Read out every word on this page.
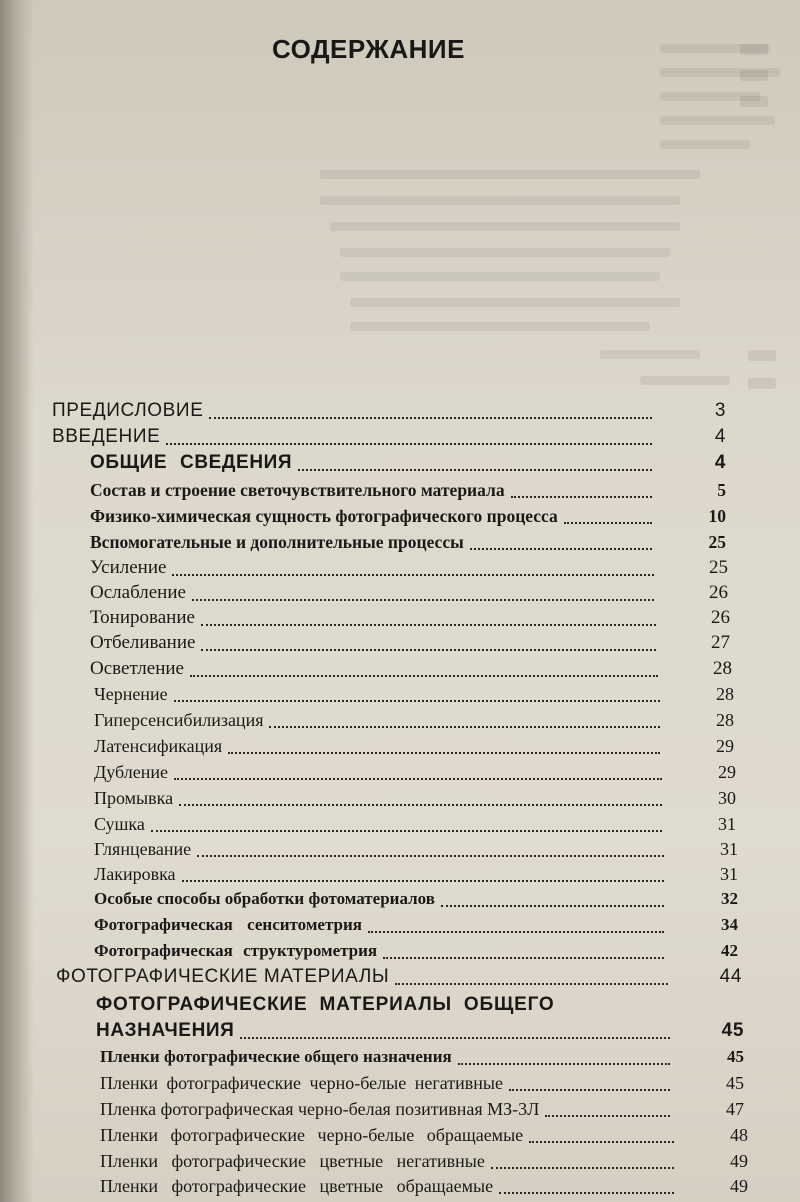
СОДЕРЖАНИЕ
ПРЕДИСЛОВИЕ	3
ВВЕДЕНИЕ	4
ОБЩИЕ СВЕДЕНИЯ	4
Состав и строение светочувствительного материала	5
Физико-химическая сущность фотографического процесса	10
Вспомогательные и дополнительные процессы	25
Усиление	25
Ослабление	26
Тонирование	26
Отбеливание	27
Осветление	28
Чернение	28
Гиперсенсибилизация	28
Латенсификация	29
Дубление	29
Промывка	30
Сушка	31
Глянцевание	31
Лакировка	31
Особые способы обработки фотоматериалов	32
Фотографическая сенситометрия	34
Фотографическая структурометрия	42
ФОТОГРАФИЧЕСКИЕ МАТЕРИАЛЫ	44
ФОТОГРАФИЧЕСКИЕ МАТЕРИАЛЫ ОБЩЕГО
НАЗНАЧЕНИЯ	45
Пленки фотографические общего назначения	45
Пленки фотографические черно-белые негативные	45
Пленка фотографическая черно-белая позитивная МЗ-3Л	47
Пленки фотографические черно-белые обращаемые	48
Пленки фотографические цветные негативные	49
Пленки фотографические цветные обращаемые	49
